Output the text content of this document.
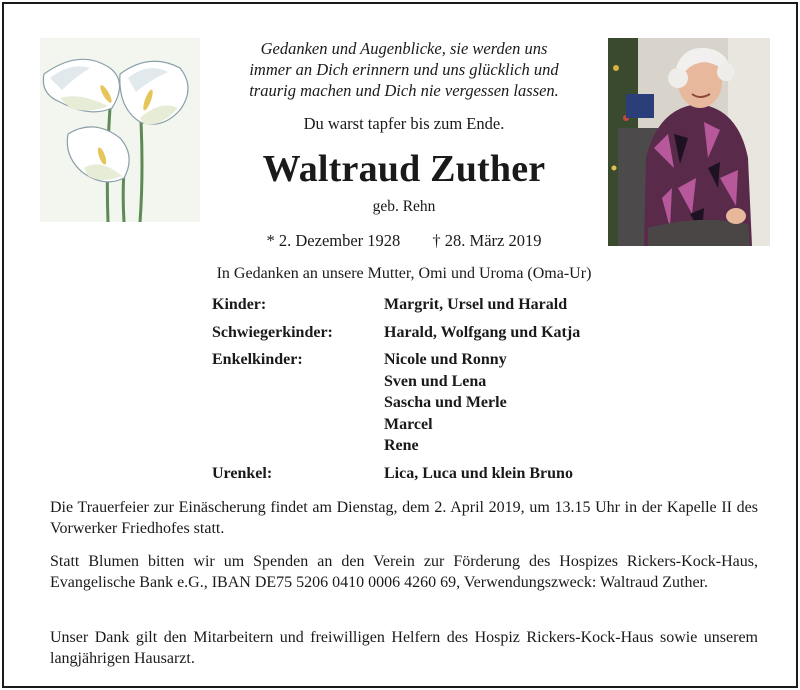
Gedanken und Augenblicke, sie werden uns
immer an Dich erinnern und uns glücklich und
traurig machen und Dich nie vergessen lassen.
Du warst tapfer bis zum Ende.
Waltraud Zuther
geb. Rehn
* 2. Dezember 1928 † 28. März 2019
In Gedanken an unsere Mutter, Omi und Uroma (Oma-Ur)
Kinder:	Margrit, Ursel und Harald
Schwiegerkinder:	Harald, Wolfgang und Katja
Enkelkinder:	Nicole und Ronny
Sven und Lena
Sascha und Merle
Marcel
Rene
Urenkel:	Lica, Luca und klein Bruno
Die Trauerfeier zur Einäscherung findet am Dienstag, dem 2. April 2019, um 13.15 Uhr in der Kapelle II des Vorwerker Friedhofes statt.
Statt Blumen bitten wir um Spenden an den Verein zur Förderung des Hospizes Rickers-Kock-Haus, Evangelische Bank e.G., IBAN DE75 5206 0410 0006 4260 69, Verwendungszweck: Waltraud Zuther.
Unser Dank gilt den Mitarbeitern und freiwilligen Helfern des Hospiz Rickers-Kock-Haus sowie unserem langjährigen Hausarzt.
